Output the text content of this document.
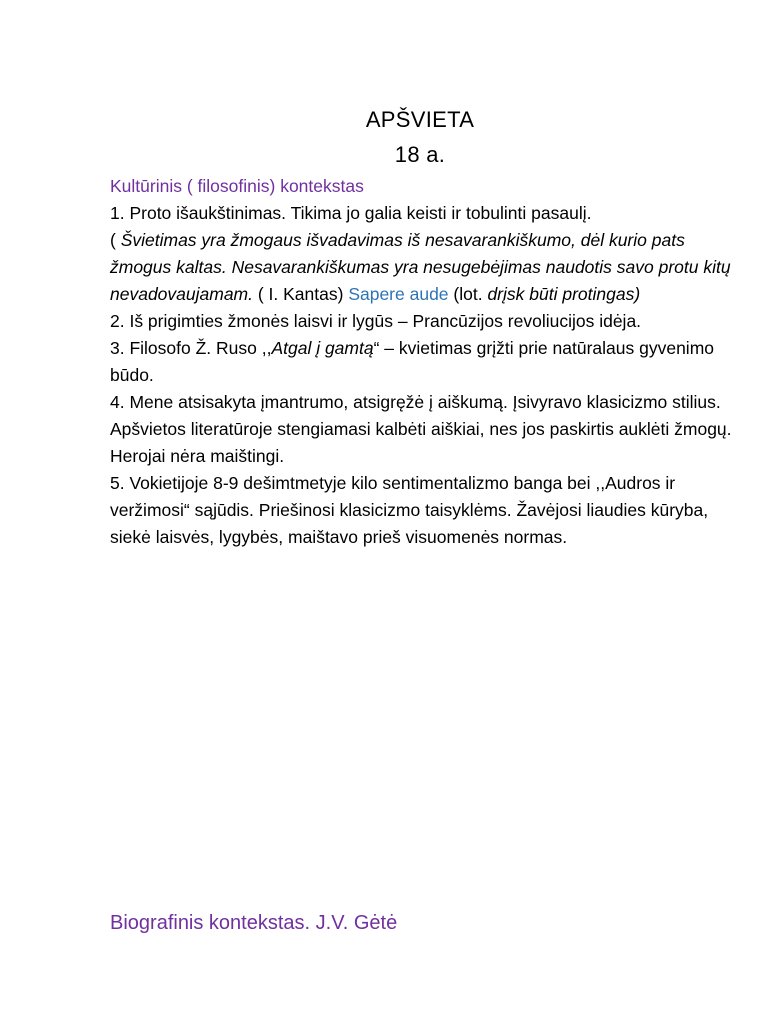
APŠVIETA
18 a.

Kultūrinis ( filosofinis) kontekstas

1. Proto išaukštinimas. Tikima jo galia keisti ir tobulinti pasaulį.

( Švietimas yra žmogaus išvadavimas iš nesavarankiškumo, dėl kurio pats žmogus kaltas. Nesavarankiškumas yra nesugebėjimas naudotis savo protu kitų nevadovaujamam. ( I. Kantas) Sapere aude (lot. drįsk būti protingas)

2. Iš prigimties žmonės laisvi ir lygūs – Prancūzijos revoliucijos idėja.

3. Filosofo Ž. Ruso ,,Atgal į gamtą“ – kvietimas grįžti prie natūralaus gyvenimo būdo.

4. Mene atsisakyta įmantrumo, atsigręžė į aiškumą. Įsivyravo klasicizmo stilius. Apšvietos literatūroje stengiamasi kalbėti aiškiai, nes jos paskirtis auklėti žmogų. Herojai nėra maištingi.

5. Vokietijoje 8-9 dešimtmetyje kilo sentimentalizmo banga bei ,,Audros ir veržimosi“ sąjūdis. Priešinosi klasicizmo taisyklėms. Žavėjosi liaudies kūryba, siekė laisvės, lygybės, maištavo prieš visuomenės normas.

Biografinis kontekstas. J.V. Gėtė
